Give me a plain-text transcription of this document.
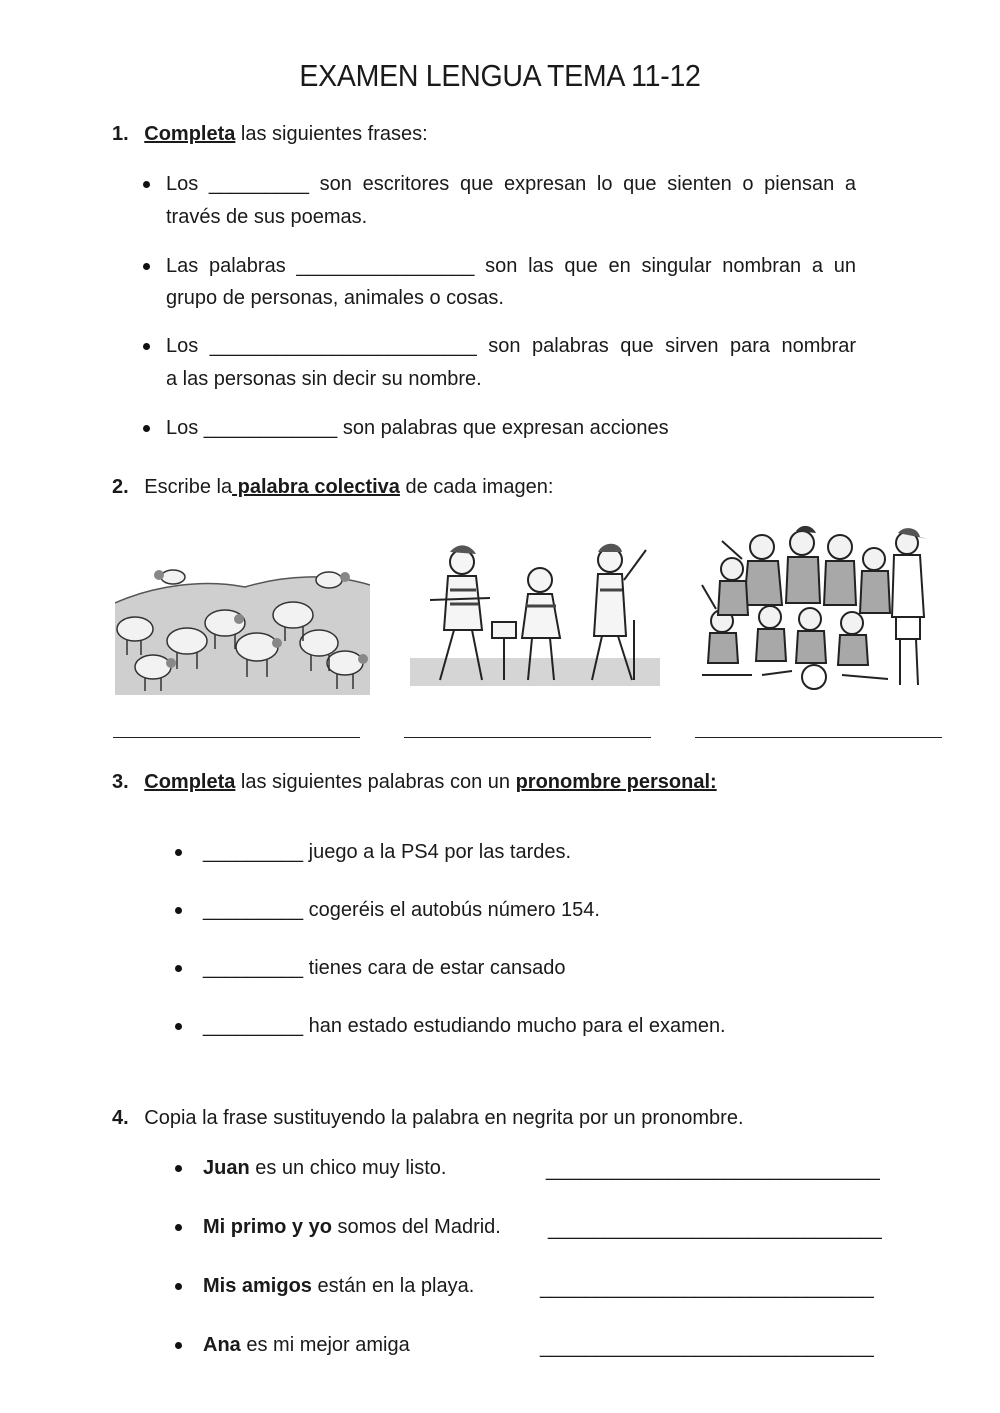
EXAMEN LENGUA TEMA 11-12
1. Completa las siguientes frases:
Los _________ son escritores que expresan lo que sienten o piensan a
través de sus poemas.
Las palabras ________________ son las que en singular nombran a un
grupo de personas, animales o cosas.
Los ________________________ son palabras que sirven para nombrar
a las personas sin decir su nombre.
Los ____________ son palabras que expresan acciones
2. Escribe la palabra colectiva de cada imagen:
3. Completa las siguientes palabras con un pronombre personal:
_________ juego a la PS4 por las tardes.
_________ cogeréis el autobús número 154.
_________ tienes cara de estar cansado
_________ han estado estudiando mucho para el examen.
4. Copia la frase sustituyendo la palabra en negrita por un pronombre.
Juan es un chico muy listo.	______________________________
Mi primo y yo somos del Madrid. ______________________________
Mis amigos están en la playa.	______________________________
Ana es mi mejor amiga	______________________________
